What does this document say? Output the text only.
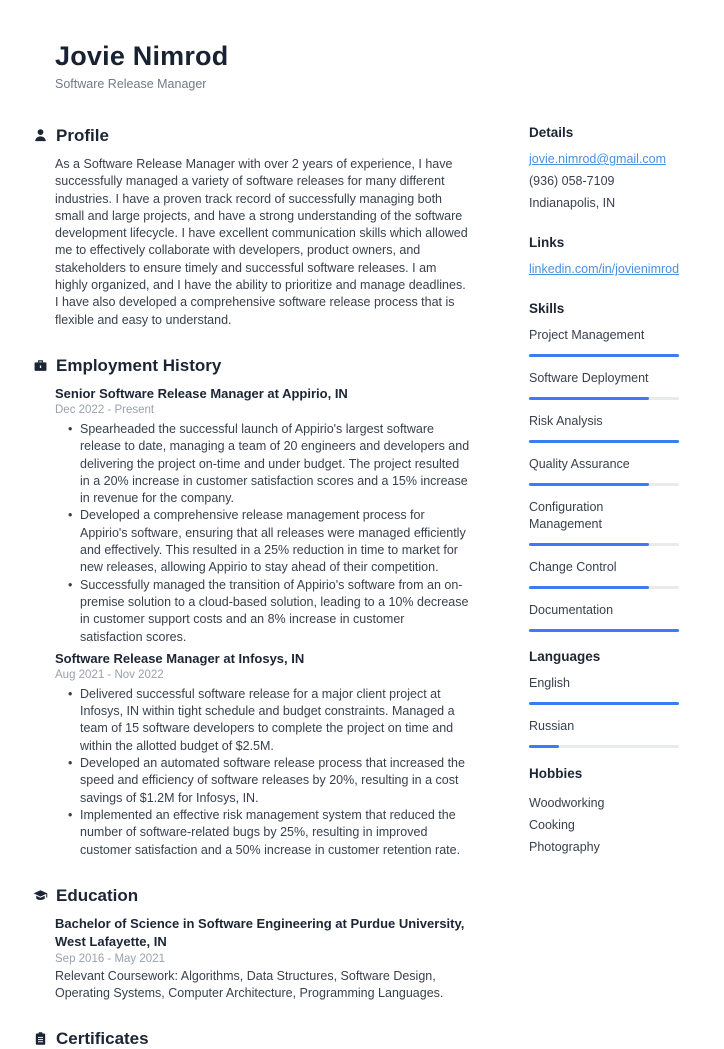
Jovie Nimrod
Software Release Manager
Profile

As a Software Release Manager with over 2 years of experience, I have successfully managed a variety of software releases for many different industries. I have a proven track record of successfully managing both small and large projects, and have a strong understanding of the software development lifecycle. I have excellent communication skills which allowed me to effectively collaborate with developers, product owners, and stakeholders to ensure timely and successful software releases. I am highly organized, and I have the ability to prioritize and manage deadlines. I have also developed a comprehensive software release process that is flexible and easy to understand.

Employment History
Senior Software Release Manager at Appirio, IN
Dec 2022 - Present
• Spearheaded the successful launch of Appirio's largest software release to date, managing a team of 20 engineers and developers and delivering the project on-time and under budget. The project resulted in a 20% increase in customer satisfaction scores and a 15% increase in revenue for the company.
• Developed a comprehensive release management process for Appirio's software, ensuring that all releases were managed efficiently and effectively. This resulted in a 25% reduction in time to market for new releases, allowing Appirio to stay ahead of their competition.
• Successfully managed the transition of Appirio's software from an on-premise solution to a cloud-based solution, leading to a 10% decrease in customer support costs and an 8% increase in customer satisfaction scores.
Software Release Manager at Infosys, IN
Aug 2021 - Nov 2022
• Delivered successful software release for a major client project at Infosys, IN within tight schedule and budget constraints. Managed a team of 15 software developers to complete the project on time and within the allotted budget of $2.5M.
• Developed an automated software release process that increased the speed and efficiency of software releases by 20%, resulting in a cost savings of $1.2M for Infosys, IN.
• Implemented an effective risk management system that reduced the number of software-related bugs by 25%, resulting in improved customer satisfaction and a 50% increase in customer retention rate.
Education
Bachelor of Science in Software Engineering at Purdue University, West Lafayette, IN
Sep 2016 - May 2021

Relevant Coursework: Algorithms, Data Structures, Software Design, Operating Systems, Computer Architecture, Programming Languages.

Certificates
Details
jovie.nimrod@gmail.com
(936) 058-7109
Indianapolis, IN
Links
linkedin.com/in/jovienimrod
Skills
Project Management
Software Deployment
Risk Analysis
Quality Assurance
Configuration Management
Change Control
Documentation
Languages
English
Russian
Hobbies
Woodworking
Cooking
Photography
